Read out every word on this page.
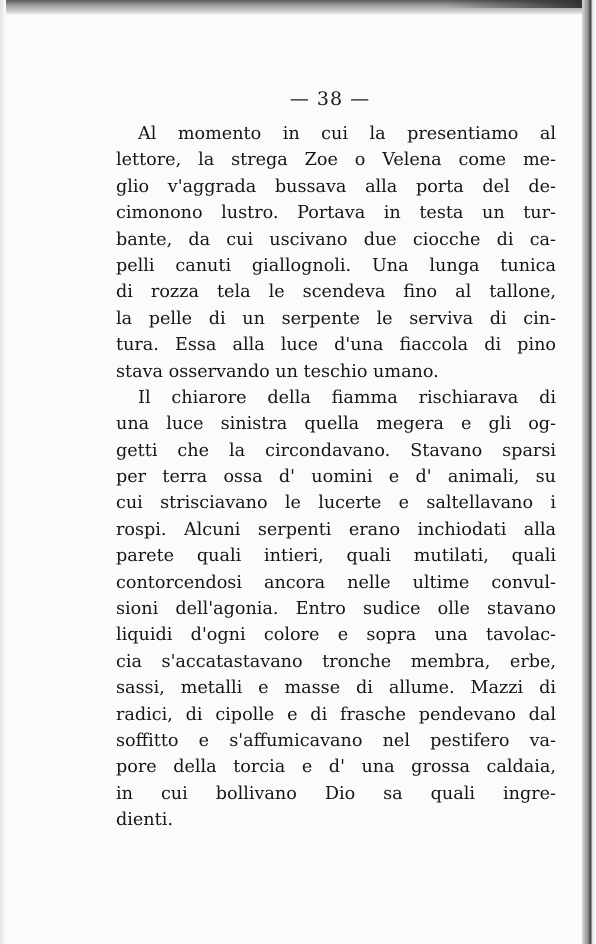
— 38 —
Al momento in cui la presentiamo al
lettore, la strega Zoe o Velena come me-
glio v'aggrada bussava alla porta del de-
cimonono lustro. Portava in testa un tur-
bante, da cui uscivano due ciocche di ca-
pelli canuti giallognoli. Una lunga tunica
di rozza tela le scendeva fino al tallone,
la pelle di un serpente le serviva di cin-
tura. Essa alla luce d'una fiaccola di pino
stava osservando un teschio umano.
Il chiarore della fiamma rischiarava di
una luce sinistra quella megera e gli og-
getti che la circondavano. Stavano sparsi
per terra ossa d' uomini e d' animali, su
cui strisciavano le lucerte e saltellavano i
rospi. Alcuni serpenti erano inchiodati alla
parete quali intieri, quali mutilati, quali
contorcendosi ancora nelle ultime convul-
sioni dell'agonia. Entro sudice olle stavano
liquidi d'ogni colore e sopra una tavolac-
cia s'accatastavano tronche membra, erbe,
sassi, metalli e masse di allume. Mazzi di
radici, di cipolle e di frasche pendevano dal
soffitto e s'affumicavano nel pestifero va-
pore della torcia e d' una grossa caldaia,
in cui bollivano Dio sa quali ingre-
dienti.
